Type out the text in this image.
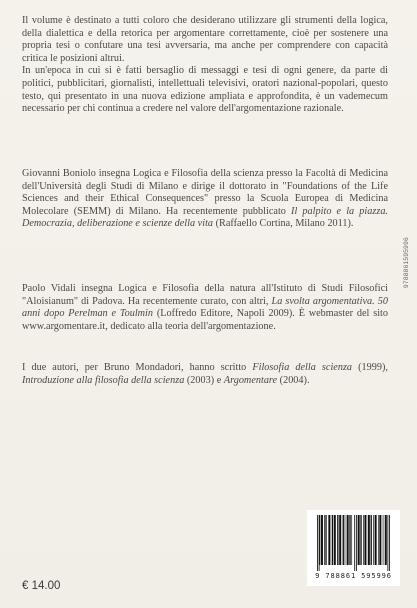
Il volume è destinato a tutti coloro che desiderano utilizzare gli strumenti della logica, della dialettica e della retorica per argomentare correttamente, cioè per sostenere una propria tesi o confutare una tesi avversaria, ma anche per comprendere con capacità critica le posizioni altrui.

In un'epoca in cui si è fatti bersaglio di messaggi e tesi di ogni genere, da parte di politici, pubblicitari, giornalisti, intellettuali televisivi, oratori nazional-popolari, questo testo, qui presentato in una nuova edizione ampliata e approfondita, è un vademecum necessario per chi continua a credere nel valore dell'argomentazione razionale.

Giovanni Boniolo insegna Logica e Filosofia della scienza presso la Facoltà di Medicina dell'Università degli Studi di Milano e dirige il dottorato in "Foundations of the Life Sciences and their Ethical Consequences" presso la Scuola Europea di Medicina Molecolare (SEMM) di Milano. Ha recentemente pubblicato Il palpito e la piazza. Democrazia, deliberazione e scienze della vita (Raffaello Cortina, Milano 2011).

Paolo Vidali insegna Logica e Filosofia della natura all'Istituto di Studi Filosofici "Aloisianum" di Padova. Ha recentemente curato, con altri, La svolta argomentativa. 50 anni dopo Perelman e Toulmin (Loffredo Editore, Napoli 2009). È webmaster del sito www.argomentare.it, dedicato alla teoria dell'argomentazione.

I due autori, per Bruno Mondadori, hanno scritto Filosofia della scienza (1999), Introduzione alla filosofia della scienza (2003) e Argomentare (2004).

9788861595996
€ 14.00
9 788861 595996
